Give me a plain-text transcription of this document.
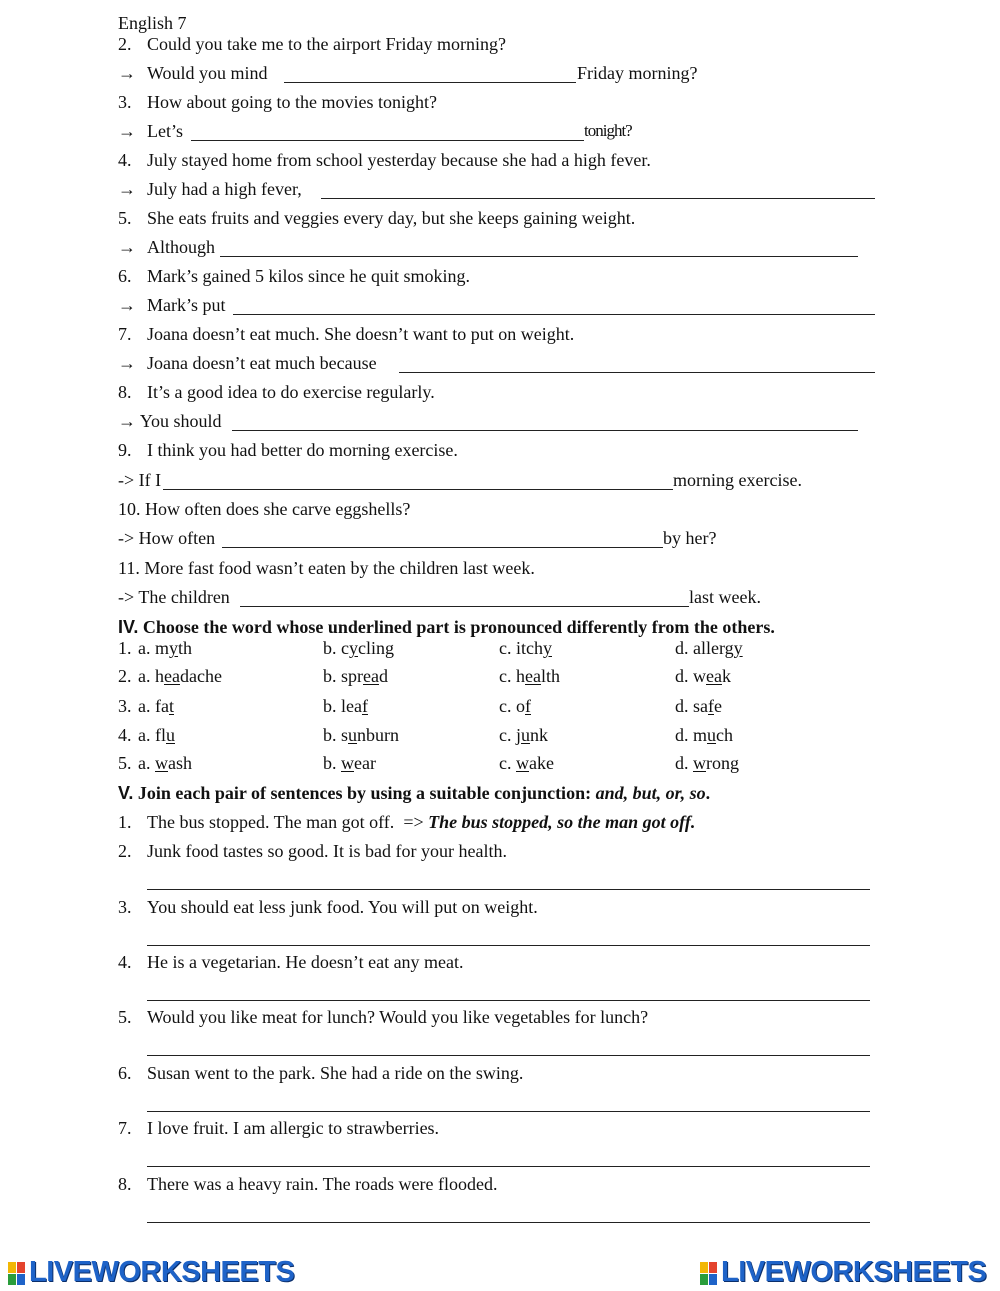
English 7
2. Could you take me to the airport Friday morning?
→ Would you mind	Friday morning?
3. How about going to the movies tonight?
→ Let’s	tonight?
4. July stayed home from school yesterday because she had a high fever.
→ July had a high fever,
5. She eats fruits and veggies every day, but she keeps gaining weight.
→ Although
6. Mark’s gained 5 kilos since he quit smoking.
→ Mark’s put
7. Joana doesn’t eat much. She doesn’t want to put on weight.
→ Joana doesn’t eat much because
8. It’s a good idea to do exercise regularly.
→ You should
9. I think you had better do morning exercise.
-> If I	morning exercise.
10. How often does she carve eggshells?
-> How often	by her?
11. More fast food wasn’t eaten by the children last week.
-> The children	last week.
IV. Choose the word whose underlined part is pronounced differently from the others.
1. a. myth	b. cycling	c. itchy	d. allergy
2. a. headache	b. spread	c. health	d. weak
3. a. fat	b. leaf	c. of	d. safe
4. a. flu	b. sunburn	c. junk	d. much
5. a. wash	b. wear	c. wake	d. wrong
V. Join each pair of sentences by using a suitable conjunction: and, but, or, so.
1. The bus stopped. The man got off. => The bus stopped, so the man got off.
2. Junk food tastes so good. It is bad for your health.
3. You should eat less junk food. You will put on weight.
4. He is a vegetarian. He doesn’t eat any meat.
5. Would you like meat for lunch? Would you like vegetables for lunch?
6. Susan went to the park. She had a ride on the swing.
7. I love fruit. I am allergic to strawberries.
8. There was a heavy rain. The roads were flooded.
LIVEWORKSHEETS	LIVEWORKSHEETS
